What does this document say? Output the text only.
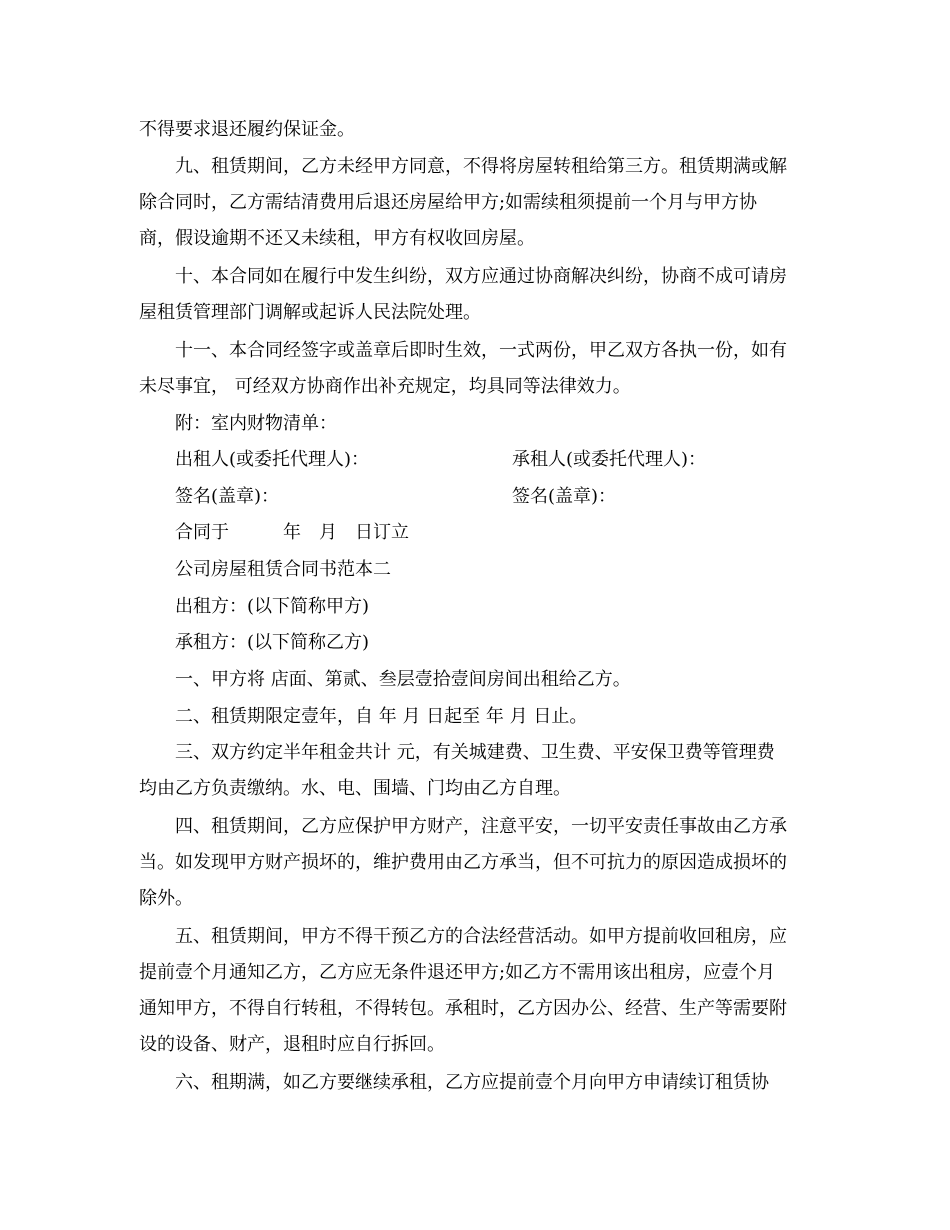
不得要求退还履约保证金。
九、租赁期间，乙方未经甲方同意，不得将房屋转租给第三方。租赁期满或解
除合同时，乙方需结清费用后退还房屋给甲方;如需续租须提前一个月与甲方协
商，假设逾期不还又未续租，甲方有权收回房屋。
十、本合同如在履行中发生纠纷，双方应通过协商解决纠纷，协商不成可请房
屋租赁管理部门调解或起诉人民法院处理。
十一、本合同经签字或盖章后即时生效，一式两份，甲乙双方各执一份，如有
未尽事宜， 可经双方协商作出补充规定，均具同等法律效力。
附：室内财物清单：
出租人(或委托代理人)：	承租人(或委托代理人)：
签名(盖章)：	签名(盖章)：
合同于　　　年　月　日订立
公司房屋租赁合同书范本二
出租方：(以下简称甲方)
承租方：(以下简称乙方)
一、甲方将 店面、第贰、叁层壹拾壹间房间出租给乙方。
二、租赁期限定壹年，自 年 月 日起至 年 月 日止。
三、双方约定半年租金共计 元，有关城建费、卫生费、平安保卫费等管理费
均由乙方负责缴纳。水、电、围墙、门均由乙方自理。
四、租赁期间，乙方应保护甲方财产，注意平安，一切平安责任事故由乙方承
当。如发现甲方财产损坏的，维护费用由乙方承当，但不可抗力的原因造成损坏的
除外。
五、租赁期间，甲方不得干预乙方的合法经营活动。如甲方提前收回租房，应
提前壹个月通知乙方，乙方应无条件退还甲方;如乙方不需用该出租房，应壹个月
通知甲方，不得自行转租，不得转包。承租时，乙方因办公、经营、生产等需要附
设的设备、财产，退租时应自行拆回。
六、租期满，如乙方要继续承租，乙方应提前壹个月向甲方申请续订租赁协
